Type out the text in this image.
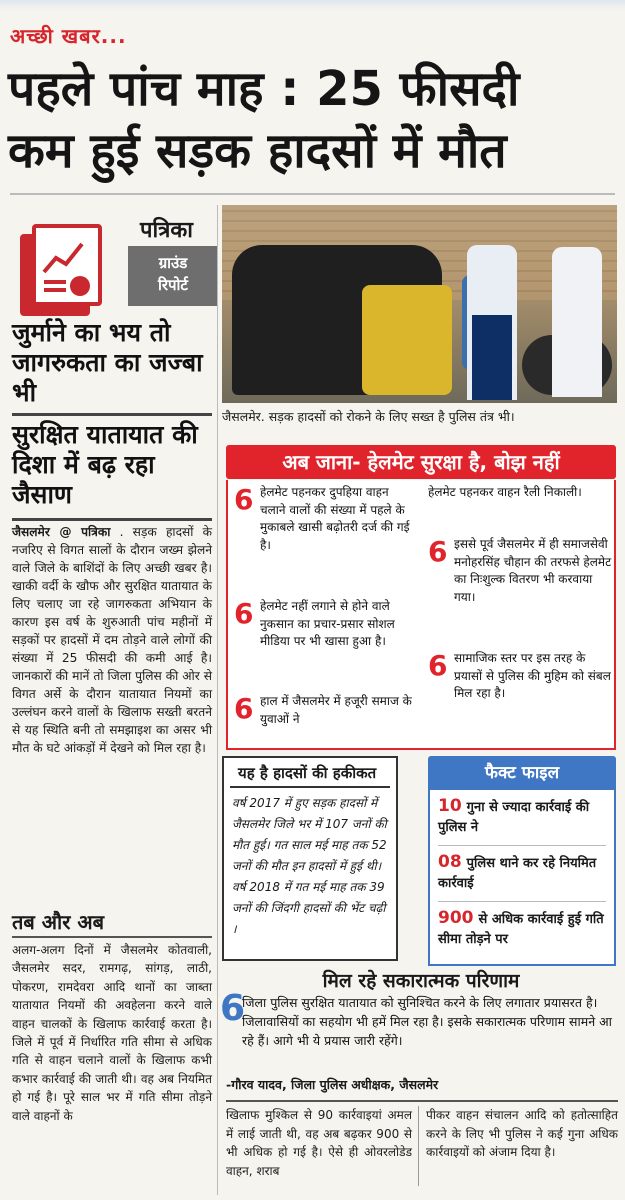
अच्छी खबर...
पहले पांच माह : 25 फीसदी
कम हुई सड़क हादसों में मौत
पत्रिका
ग्राउंड
रिपोर्ट
जुर्माने का भय तो जागरुकता का जज्बा भी
सुरक्षित यातायात की दिशा में बढ़ रहा जैसाण
जैसलमेर @ पत्रिका . सड़क हादसों के नजरिए से विगत सालों के दौरान जख्म झेलने वाले जिले के बाशिंदों के लिए अच्छी खबर है। खाकी वर्दी के खौफ और सुरक्षित यातायात के लिए चलाए जा रहे जागरुकता अभियान के कारण इस वर्ष के शुरुआती पांच महीनों में सड़कों पर हादसों में दम तोड़ने वाले लोगों की संख्या में 25 फीसदी की कमी आई है। जानकारों की मानें तो जिला पुलिस की ओर से विगत अर्से के दौरान यातायात नियमों का उल्लंघन करने वालों के खिलाफ सख्ती बरतने से यह स्थिति बनी तो समझाइश का असर भी मौत के घटे आंकड़ों में देखने को मिल रहा है।
तब और अब
अलग-अलग दिनों में जैसलमेर कोतवाली, जैसलमेर सदर, रामगढ़, सांगड़, लाठी, पोकरण, रामदेवरा आदि थानों का जाब्ता यातायात नियमों की अवहेलना करने वाले वाहन चालकों के खिलाफ कार्रवाई करता है। जिले में पूर्व में निर्धारित गति सीमा से अधिक गति से वाहन चलाने वालों के खिलाफ कभी कभार कार्रवाई की जाती थी। वह अब नियमित हो गई है। पूरे साल भर में गति सीमा तोड़ने वाले वाहनों के
जैसलमेर. सड़क हादसों को रोकने के लिए सख्त है पुलिस तंत्र भी।
अब जाना- हेलमेट सुरक्षा है, बोझ नहीं
6 हेलमेट पहनकर दुपहिया वाहन चलाने वालों की संख्या में पहले के मुकाबले खासी बढ़ोतरी दर्ज की गई है।
6 हेलमेट नहीं लगाने से होने वाले नुकसान का प्रचार-प्रसार सोशल मीडिया पर भी खासा हुआ है।
6 हाल में जैसलमेर में हजूरी समाज के युवाओं ने
हेलमेट पहनकर वाहन रैली निकाली।
6 इससे पूर्व जैसलमेर में ही समाजसेवी मनोहरसिंह चौहान की तरफसे हेलमेट का निःशुल्क वितरण भी करवाया गया।
6 सामाजिक स्तर पर इस तरह के प्रयासों से पुलिस की मुहिम को संबल मिल रहा है।
यह है हादसों की हकीकत
वर्ष 2017 में हुए सड़क हादसों में जैसलमेर जिले भर में 107 जनों की मौत हुई। गत साल मई माह तक 52 जनों की मौत इन हादसों में हुई थी। वर्ष 2018 में गत मई माह तक 39 जनों की जिंदगी हादसों की भेंट चढ़ी ।
फैक्ट फाइल
10 गुना से ज्यादा कार्रवाई की पुलिस ने
08 पुलिस थाने कर रहे नियमित कार्रवाई
900 से अधिक कार्रवाई हुई गति सीमा तोड़ने पर
मिल रहे सकारात्मक परिणाम
6
जिला पुलिस सुरक्षित यातायात को सुनिश्चित करने के लिए लगातार प्रयासरत है। जिलावासियों का सहयोग भी हमें मिल रहा है। इसके सकारात्मक परिणाम सामने आ रहे हैं। आगे भी ये प्रयास जारी रहेंगे।
-गौरव यादव, जिला पुलिस अधीक्षक, जैसलमेर
खिलाफ मुश्किल से 90 कार्रवाइयां अमल में लाई जाती थी, वह अब बढ़कर 900 से भी अधिक हो गई है। ऐसे ही ओवरलोडेड वाहन, शराब
पीकर वाहन संचालन आदि को हतोत्साहित करने के लिए भी पुलिस ने कई गुना अधिक कार्रवाइयों को अंजाम दिया है।
